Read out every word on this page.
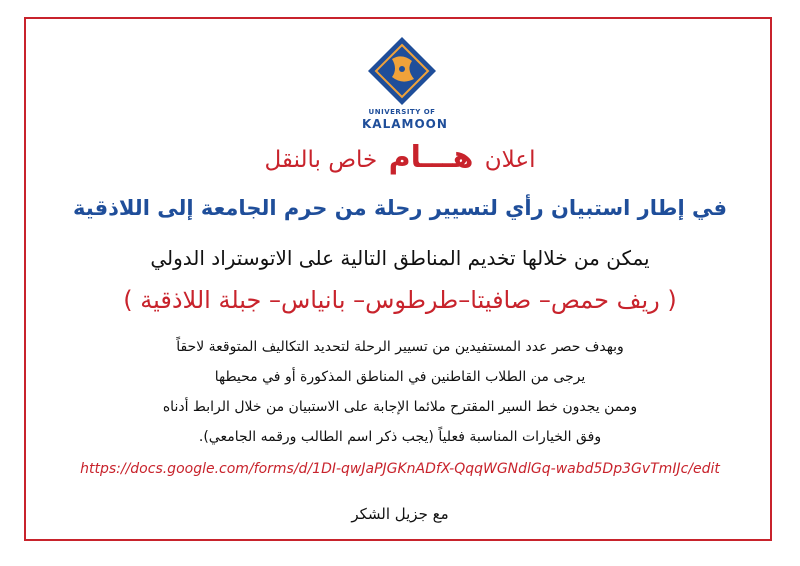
UNIVERSITY OF
KALAMOON
اعلان هـــام خاص بالنقل
في إطار استبيان رأي لتسيير رحلة من حرم الجامعة إلى اللاذقية
يمكن من خلالها تخديم المناطق التالية على الاتوستراد الدولي
( ريف حمص– صافيتا–طرطوس– بانياس– جبلة اللاذقية )
وبهدف حصر عدد المستفيدين من تسيير الرحلة لتحديد التكاليف المتوقعة لاحقاً
يرجى من الطلاب القاطنين في المناطق المذكورة أو في محيطها
وممن يجدون خط السير المقترح ملائما الإجابة على الاستبيان من خلال الرابط أدناه
وفق الخيارات المناسبة فعلياً (يجب ذكر اسم الطالب ورقمه الجامعي).
https://docs.google.com/forms/d/1DI-qwJaPJGKnADfX-QqqWGNdlGq-wabd5Dp3GvTmIJc/edit
مع جزيل الشكر
